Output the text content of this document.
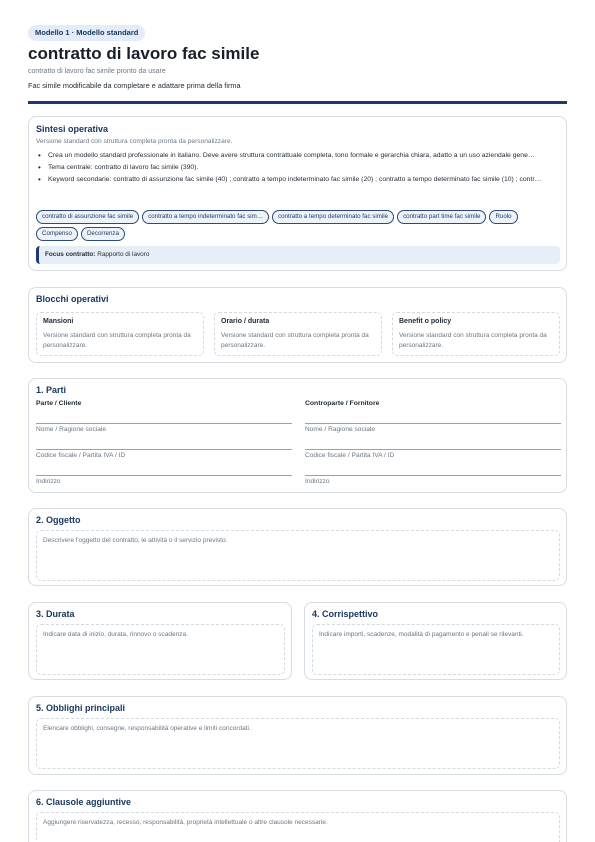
Modello 1 · Modello standard
contratto di lavoro fac simile
contratto di lavoro fac simile pronto da usare
Fac simile modificabile da completare e adattare prima della firma
Sintesi operativa
Versione standard con struttura completa pronta da personalizzare.
• Crea un modello standard professionale in italiano. Deve avere struttura contrattuale completa, tono formale e gerarchia chiara, adatto a un uso aziendale gene…
• Tema centrale: contratto di lavoro fac simile (390).
• Keyword secondarie: contratto di assunzione fac simile (40) ; contratto a tempo indeterminato fac simile (20) ; contratto a tempo determinato fac simile (10) ; contr…
contratto di assunzione fac simile	contratto a tempo indeterminato fac sim…	contratto a tempo determinato fac simile	contratto part time fac simile	Ruolo
Compenso	Decorrenza
Focus contratto: Rapporto di lavoro
Blocchi operativi
Mansioni
Versione standard con struttura completa pronta da personalizzare.
Orario / durata
Versione standard con struttura completa pronta da personalizzare.
Benefit o policy
Versione standard con struttura completa pronta da personalizzare.
1. Parti
Parte / Cliente	Controparte / Fornitore
Nome / Ragione sociale
Codice fiscale / Partita IVA / ID
Indirizzo
Nome / Ragione sociale
Codice fiscale / Partita IVA / ID
Indirizzo
2. Oggetto
Descrivere l'oggetto del contratto, le attività o il servizio previsto.
3. Durata
Indicare data di inizio, durata, rinnovo o scadenza.
4. Corrispettivo
Indicare importi, scadenze, modalità di pagamento e penali se rilevanti.
5. Obblighi principali
Elencare obblighi, consegne, responsabilità operative e limiti concordati.
6. Clausole aggiuntive
Aggiungere riservatezza, recesso, responsabilità, proprietà intellettuale o altre clausole necessarie.
